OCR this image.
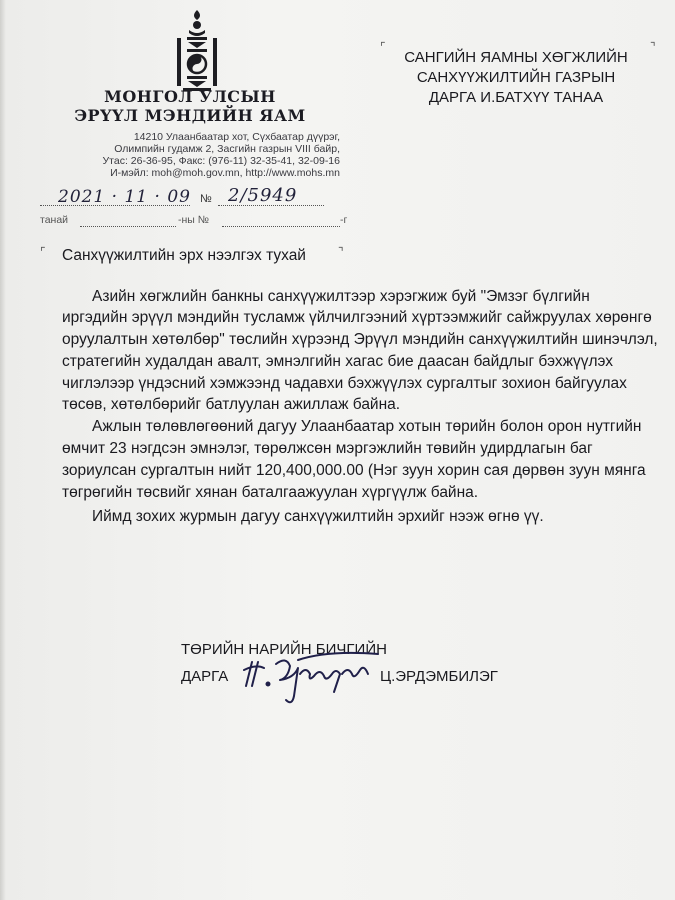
МОНГОЛ УЛСЫН
ЭРҮҮЛ МЭНДИЙН ЯАМ
14210 Улаанбаатар хот, Сүхбаатар дүүрэг,
Олимпийн гудамж 2, Засгийн газрын VIII байр,
Утас: 26-36-95, Факс: (976-11) 32-35-41, 32-09-16
И-мэйл: moh@moh.gov.mn, http://www.mohs.mn
⌜	⌝
САНГИЙН ЯАМНЫ ХӨГЖЛИЙН
САНХҮҮЖИЛТИЙН ГАЗРЫН
ДАРГА И.БАТХҮҮ ТАНАА
2021 · 11 · 09 № 2/5949
танай	-ны №	-г
⌜ Санхүүжилтийн эрх нээлгэх тухай	⌝
Азийн хөгжлийн банкны санхүүжилтээр хэрэгжиж буй "Эмзэг бүлгийн
иргэдийн эрүүл мэндийн тусламж үйлчилгээний хүртээмжийг сайжруулах хөрөнгө
оруулалтын хөтөлбөр" төслийн хүрээнд Эрүүл мэндийн санхүүжилтийн шинэчлэл,
стратегийн худалдан авалт, эмнэлгийн хагас бие даасан байдлыг бэхжүүлэх
чиглэлээр үндэсний хэмжээнд чадавхи бэхжүүлэх сургалтыг зохион байгуулах
төсөв, хөтөлбөрийг батлуулан ажиллаж байна.
Ажлын төлөвлөгөөний дагуу Улаанбаатар хотын төрийн болон орон нутгийн
өмчит 23 нэгдсэн эмнэлэг, төрөлжсөн мэргэжлийн төвийн удирдлагын баг
зориулсан сургалтын нийт 120,400,000.00 (Нэг зуун хорин сая дөрвөн зуун мянга
төгрөгийн төсвийг хянан баталгаажуулан хүргүүлж байна.
Иймд зохих журмын дагуу санхүүжилтийн эрхийг нээж өгнө үү.
ТӨРИЙН НАРИЙН БИЧГИЙН
ДАРГА	Ц.ЭРДЭМБИЛЭГ
